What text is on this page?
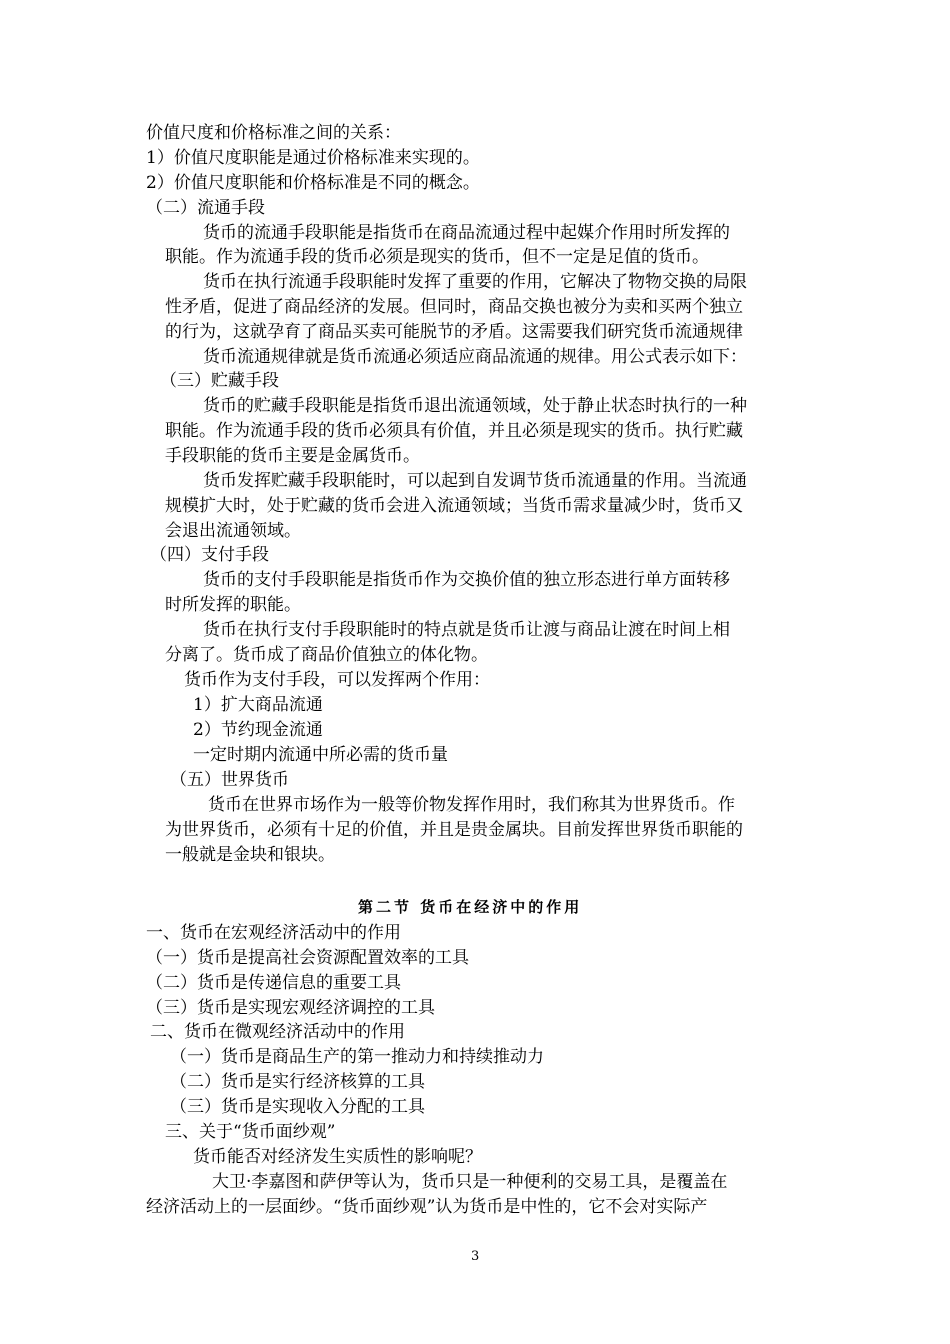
价值尺度和价格标准之间的关系：
1）价值尺度职能是通过价格标准来实现的。
2）价值尺度职能和价格标准是不同的概念。
（二）流通手段
货币的流通手段职能是指货币在商品流通过程中起媒介作用时所发挥的
职能。作为流通手段的货币必须是现实的货币，但不一定是足值的货币。
货币在执行流通手段职能时发挥了重要的作用，它解决了物物交换的局限
性矛盾，促进了商品经济的发展。但同时，商品交换也被分为卖和买两个独立
的行为，这就孕育了商品买卖可能脱节的矛盾。这需要我们研究货币流通规律
货币流通规律就是货币流通必须适应商品流通的规律。用公式表示如下：
（三）贮藏手段
货币的贮藏手段职能是指货币退出流通领域，处于静止状态时执行的一种
职能。作为流通手段的货币必须具有价值，并且必须是现实的货币。执行贮藏
手段职能的货币主要是金属货币。
货币发挥贮藏手段职能时，可以起到自发调节货币流通量的作用。当流通
规模扩大时，处于贮藏的货币会进入流通领域；当货币需求量减少时，货币又
会退出流通领域。
（四）支付手段
货币的支付手段职能是指货币作为交换价值的独立形态进行单方面转移
时所发挥的职能。
货币在执行支付手段职能时的特点就是货币让渡与商品让渡在时间上相
分离了。货币成了商品价值独立的体化物。
货币作为支付手段，可以发挥两个作用：
1）扩大商品流通
2）节约现金流通
一定时期内流通中所必需的货币量
（五）世界货币
货币在世界市场作为一般等价物发挥作用时，我们称其为世界货币。作
为世界货币，必须有十足的价值，并且是贵金属块。目前发挥世界货币职能的
一般就是金块和银块。
第二节 货币在经济中的作用
一、货币在宏观经济活动中的作用
（一）货币是提高社会资源配置效率的工具
（二）货币是传递信息的重要工具
（三）货币是实现宏观经济调控的工具
二、货币在微观经济活动中的作用
（一）货币是商品生产的第一推动力和持续推动力
（二）货币是实行经济核算的工具
（三）货币是实现收入分配的工具
三、关于“货币面纱观”
货币能否对经济发生实质性的影响呢？
大卫·李嘉图和萨伊等认为，货币只是一种便利的交易工具，是覆盖在
经济活动上的一层面纱。“货币面纱观”认为货币是中性的，它不会对实际产
3
